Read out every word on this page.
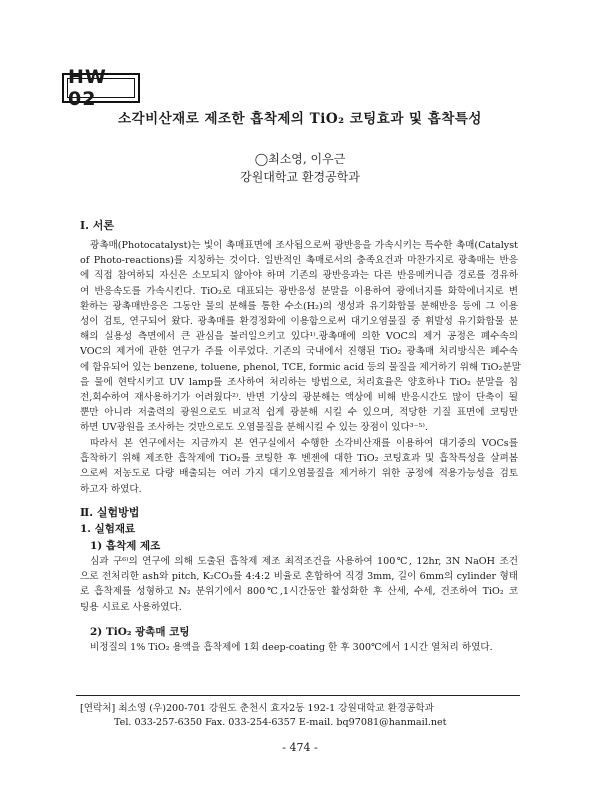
HW 02
소각비산재로 제조한 흡착제의 TiO₂ 코팅효과 및 흡착특성
◯최소영, 이우근
강원대학교 환경공학과
Ⅰ. 서론
광촉매(Photocatalyst)는 빛이 촉매표면에 조사됨으로써 광반응을 가속시키는 특수한 촉매(Catalyst
of Photo-reactions)를 지칭하는 것이다. 일반적인 촉매로서의 충족요건과 마찬가지로 광촉매는 반응
에 직접 참여하되 자신은 소모되지 않아야 하며 기존의 광반응과는 다른 반응메커니즘 경로를 경유하
여 반응속도를 가속시킨다. TiO₂로 대표되는 광반응성 분말을 이용하여 광에너지를 화학에너지로 변
환하는 광촉매반응은 그동안 물의 분해를 통한 수소(H₂)의 생성과 유기화합물 분해반응 등에 그 이용
성이 검토, 연구되어 왔다. 광촉매를 환경정화에 이용함으로써 대기오염물질 중 휘발성 유기화합물 분
해의 실용성 측면에서 큰 관심을 불러일으키고 있다¹⁾.광촉매에 의한 VOC의 제거 공정은 폐수속의
VOC의 제거에 관한 연구가 주를 이루었다. 기존의 국내에서 진행된 TiO₂ 광촉매 처리방식은 폐수속
에 함유되어 있는 benzene, toluene, phenol, TCE, formic acid 등의 물질을 제거하기 위해 TiO₂분말
을 물에 현탁시키고 UV lamp를 조사하여 처리하는 방법으로, 처리효율은 양호하나 TiO₂ 분말을 침
전,회수하여 재사용하기가 어려웠다²⁾. 반면 기상의 광분해는 액상에 비해 반응시간도 많이 단축이 될
뿐만 아니라 저출력의 광원으로도 비교적 쉽게 광분해 시킬 수 있으며, 적당한 기질 표면에 코팅만
하면 UV광원을 조사하는 것만으로도 오염물질을 분해시킬 수 있는 장점이 있다³⁻⁵⁾.
따라서 본 연구에서는 지금까지 본 연구실에서 수행한 소각비산재를 이용하여 대기중의 VOCs를
흡착하기 위해 제조한 흡착제에 TiO₂를 코팅한 후 벤젠에 대한 TiO₂ 코팅효과 및 흡착특성을 살펴봄
으로써 저농도로 다량 배출되는 여러 가지 대기오염물질을 제거하기 위한 공정에 적용가능성을 검토
하고자 하였다.
Ⅱ. 실험방법
1. 실험재료
1) 흡착제 제조
심과 구⁶⁾의 연구에 의해 도출된 흡착제 제조 최적조건을 사용하여 100℃, 12hr, 3N NaOH 조건
으로 전처리한 ash와 pitch, K₂CO₃를 4:4:2 비율로 혼합하여 직경 3mm, 길이 6mm의 cylinder 형태
로 흡착제를 성형하고 N₂ 분위기에서 800℃,1시간동안 활성화한 후 산세, 수세, 건조하여 TiO₂ 코
팅용 시료로 사용하였다.
2) TiO₂ 광촉매 코팅
비정질의 1% TiO₂ 용액을 흡착제에 1회 deep-coating 한 후 300℃에서 1시간 열처리 하였다.
[연락처] 최소영 (우)200-701 강원도 춘천시 효자2동 192-1 강원대학교 환경공학과
Tel. 033-257-6350 Fax. 033-254-6357 E-mail. bq97081@hanmail.net
- 474 -
